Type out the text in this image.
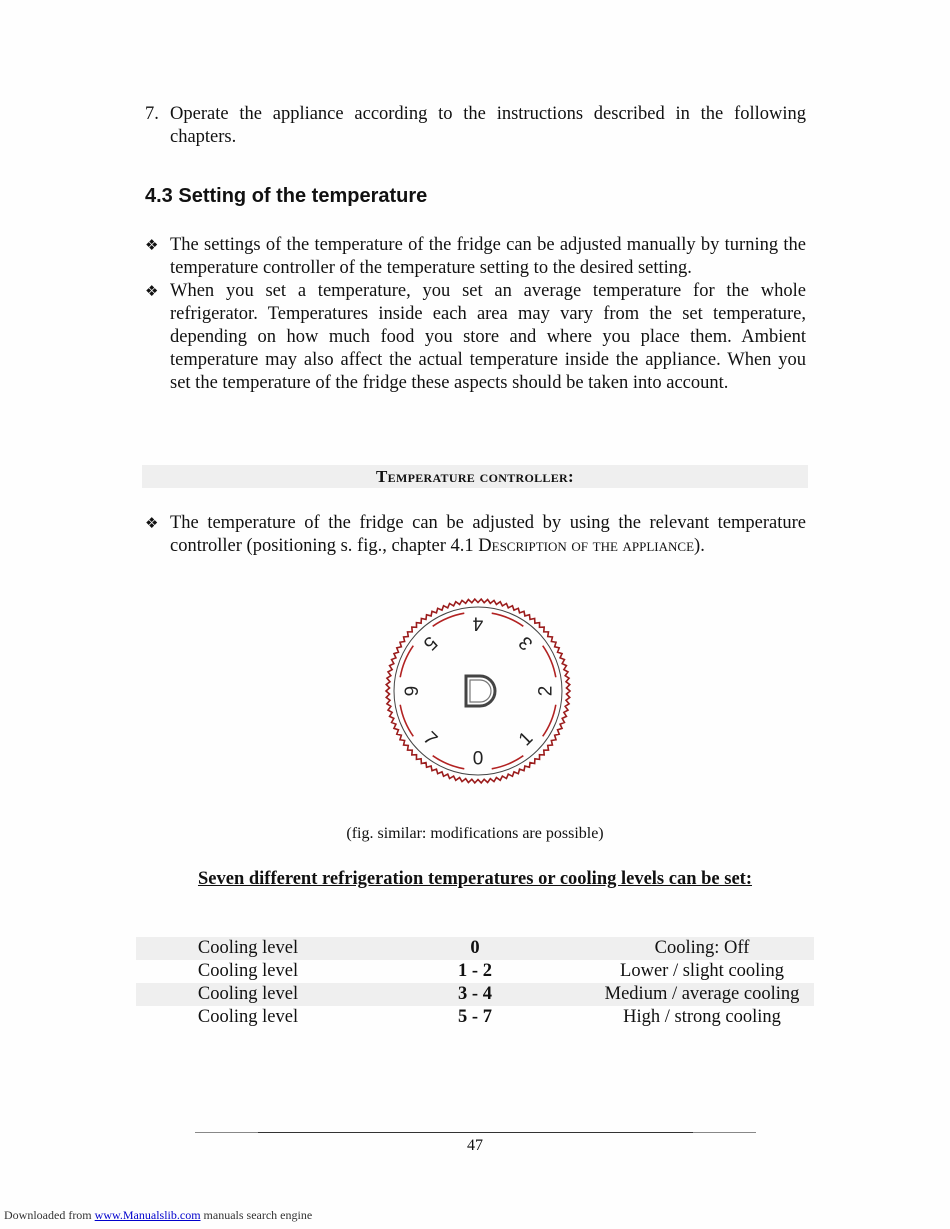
7. Operate the appliance according to the instructions described in the following chapters.
4.3 Setting of the temperature
❖ The settings of the temperature of the fridge can be adjusted manually by turning the temperature controller of the temperature setting to the desired setting.
❖ When you set a temperature, you set an average temperature for the whole refrigerator. Temperatures inside each area may vary from the set temperature, depending on how much food you store and where you place them. Ambient temperature may also affect the actual temperature inside the appliance. When you set the temperature of the fridge these aspects should be taken into account.
Temperature controller:
❖ The temperature of the fridge can be adjusted by using the relevant temperature controller (positioning s. fig., chapter 4.1 Description of the appliance).
0
1
2
3
4
5
6
7
(fig. similar: modifications are possible)
Seven different refrigeration temperatures or cooling levels can be set:
Cooling level	0	Cooling: Off
Cooling level	1 - 2	Lower / slight cooling
Cooling level	3 - 4	Medium / average cooling
Cooling level	5 - 7	High / strong cooling
47
Downloaded from www.Manualslib.com manuals search engine
